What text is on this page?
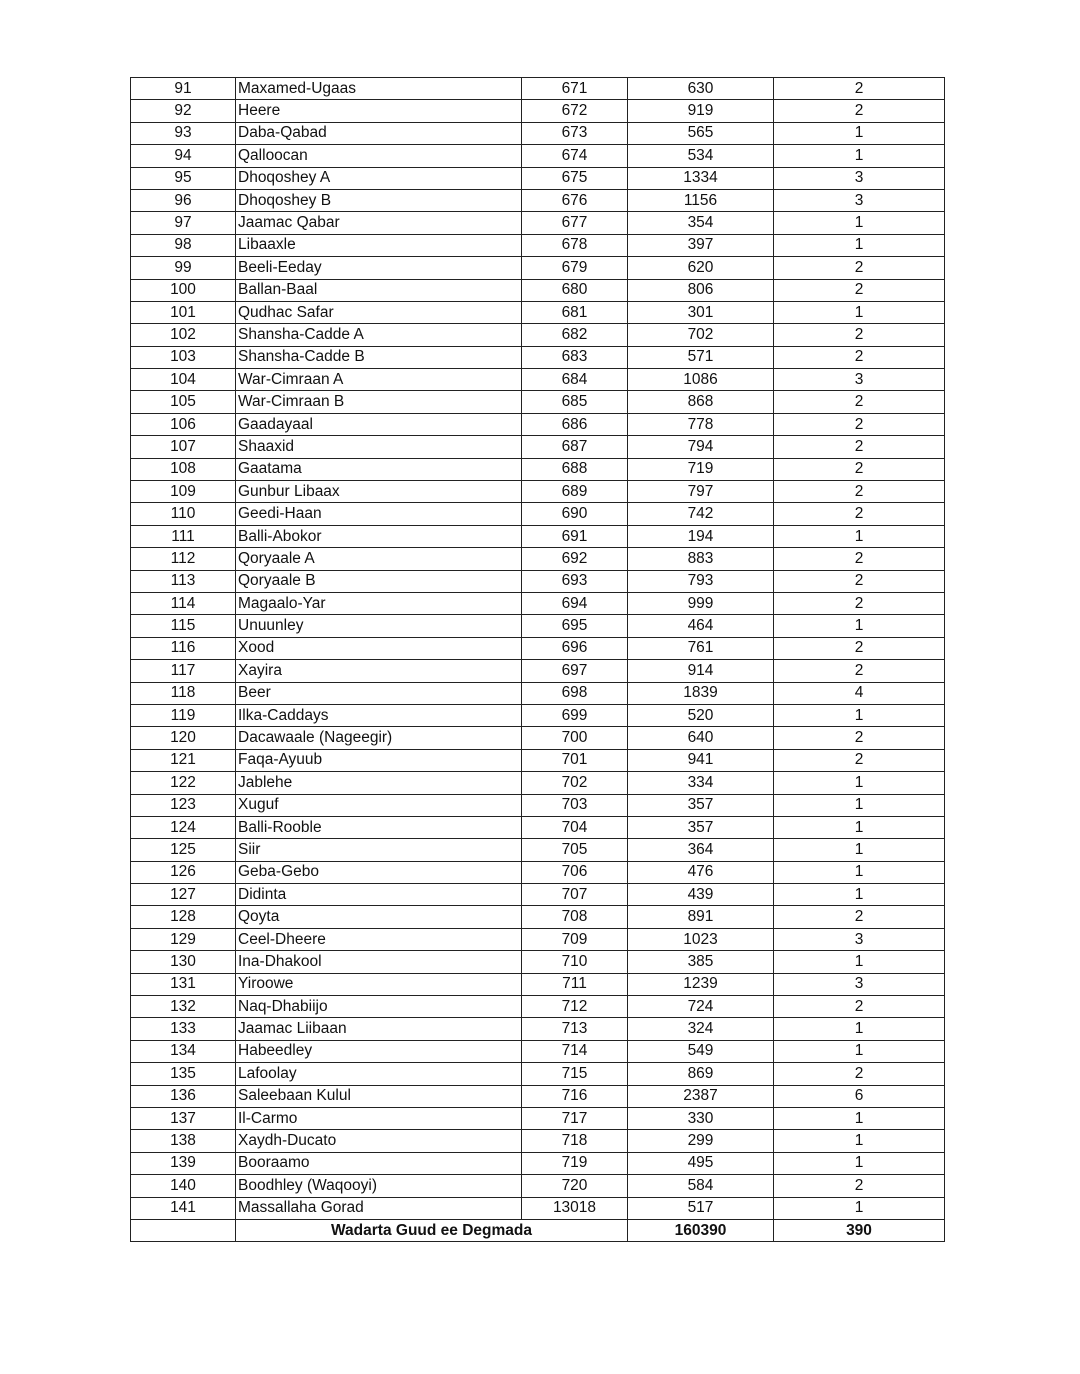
91	Maxamed-Ugaas	671	630	2
92	Heere	672	919	2
93	Daba-Qabad	673	565	1
94	Qalloocan	674	534	1
95	Dhoqoshey A	675	1334	3
96	Dhoqoshey B	676	1156	3
97	Jaamac Qabar	677	354	1
98	Libaaxle	678	397	1
99	Beeli-Eeday	679	620	2
100	Ballan-Baal	680	806	2
101	Qudhac Safar	681	301	1
102	Shansha-Cadde A	682	702	2
103	Shansha-Cadde B	683	571	2
104	War-Cimraan A	684	1086	3
105	War-Cimraan B	685	868	2
106	Gaadayaal	686	778	2
107	Shaaxid	687	794	2
108	Gaatama	688	719	2
109	Gunbur Libaax	689	797	2
110	Geedi-Haan	690	742	2
111	Balli-Abokor	691	194	1
112	Qoryaale A	692	883	2
113	Qoryaale B	693	793	2
114	Magaalo-Yar	694	999	2
115	Unuunley	695	464	1
116	Xood	696	761	2
117	Xayira	697	914	2
118	Beer	698	1839	4
119	Ilka-Caddays	699	520	1
120	Dacawaale (Nageegir)	700	640	2
121	Faqa-Ayuub	701	941	2
122	Jablehe	702	334	1
123	Xuguf	703	357	1
124	Balli-Rooble	704	357	1
125	Siir	705	364	1
126	Geba-Gebo	706	476	1
127	Didinta	707	439	1
128	Qoyta	708	891	2
129	Ceel-Dheere	709	1023	3
130	Ina-Dhakool	710	385	1
131	Yiroowe	711	1239	3
132	Naq-Dhabiijo	712	724	2
133	Jaamac Liibaan	713	324	1
134	Habeedley	714	549	1
135	Lafoolay	715	869	2
136	Saleebaan Kulul	716	2387	6
137	Il-Carmo	717	330	1
138	Xaydh-Ducato	718	299	1
139	Booraamo	719	495	1
140	Boodhley (Waqooyi)	720	584	2
141	Massallaha Gorad	13018	517	1
	Wadarta Guud ee Degmada		160390	390
